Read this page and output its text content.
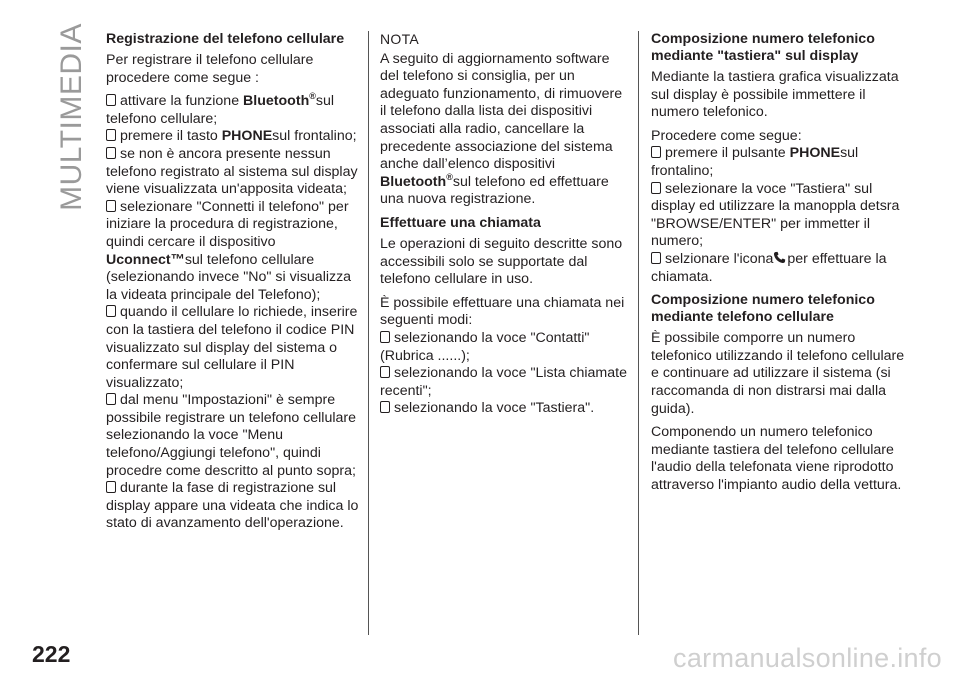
MULTIMEDIA Registrazione del telefono cellulare

Per registrare il telefono cellulare procedere come segue :

attivare la funzione Bluetooth®sul telefono cellulare;
premere il tasto PHONEsul frontalino;
se non è ancora presente nessun telefono registrato al sistema sul display viene visualizzata un'apposita videata;
selezionare "Connetti il telefono" per iniziare la procedura di registrazione, quindi cercare il dispositivo Uconnect™sul telefono cellulare (selezionando invece "No" si visualizza la videata principale del Telefono);
quando il cellulare lo richiede, inserire con la tastiera del telefono il codice PIN visualizzato sul display del sistema o confermare sul cellulare il PIN visualizzato;
dal menu "Impostazioni" è sempre possibile registrare un telefono cellulare selezionando la voce "Menu telefono/Aggiungi telefono", quindi procedre come descritto al punto sopra;
durante la fase di registrazione sul display appare una videata che indica lo stato di avanzamento dell'operazione.
NOTA

A seguito di aggiornamento software del telefono si consiglia, per un adeguato funzionamento, di rimuovere il telefono dalla lista dei dispositivi associati alla radio, cancellare la precedente associazione del sistema anche dall’elenco dispositivi Bluetooth®sul telefono ed effettuare una nuova registrazione.

Effettuare una chiamata

Le operazioni di seguito descritte sono accessibili solo se supportate dal telefono cellulare in uso.

È possibile effettuare una chiamata nei seguenti modi:

selezionando la voce "Contatti" (Rubrica ......);
selezionando la voce "Lista chiamate recenti";
selezionando la voce "Tastiera".
Composizione numero telefonico mediante "tastiera" sul display

Mediante la tastiera grafica visualizzata sul display è possibile immettere il numero telefonico.

Procedere come segue:

premere il pulsante PHONEsul frontalino;
selezionare la voce "Tastiera" sul display ed utilizzare la manoppla detsra "BROWSE/ENTER" per immetter il numero;
selzionare l'icona per effettuare la chiamata.
Composizione numero telefonico mediante telefono cellulare

È possibile comporre un numero telefonico utilizzando il telefono cellulare e continuare ad utilizzare il sistema (si raccomanda di non distrarsi mai dalla guida).

Componendo un numero telefonico mediante tastiera del telefono cellulare l'audio della telefonata viene riprodotto attraverso l'impianto audio della vettura.

222	carmanualsonline.info
